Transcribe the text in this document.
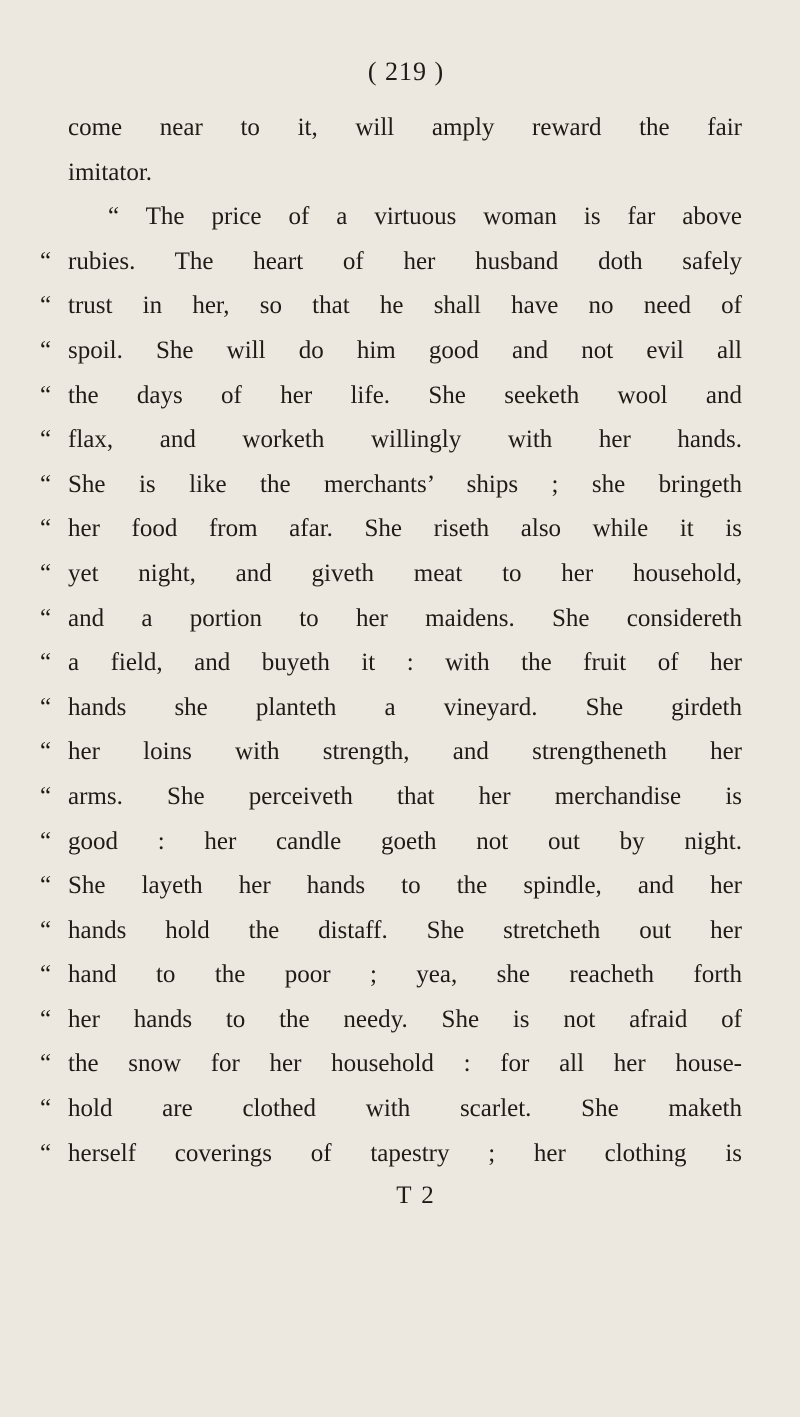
( 219 )
come near to it, will amply reward the fair
imitator.
“ The price of a virtuous woman is far above
“ rubies. The heart of her husband doth safely
“ trust in her, so that he shall have no need of
“ spoil. She will do him good and not evil all
“ the days of her life. She seeketh wool and
“ flax, and worketh willingly with her hands.
“ She is like the merchants’ ships ; she bringeth
“ her food from afar. She riseth also while it is
“ yet night, and giveth meat to her household,
“ and a portion to her maidens. She considereth
“ a field, and buyeth it : with the fruit of her
“ hands she planteth a vineyard. She girdeth
“ her loins with strength, and strengtheneth her
“ arms. She perceiveth that her merchandise is
“ good : her candle goeth not out by night.
“ She layeth her hands to the spindle, and her
“ hands hold the distaff. She stretcheth out her
“ hand to the poor ; yea, she reacheth forth
“ her hands to the needy. She is not afraid of
“ the snow for her household : for all her house-
“ hold are clothed with scarlet. She maketh
“ herself coverings of tapestry ; her clothing is
T 2
